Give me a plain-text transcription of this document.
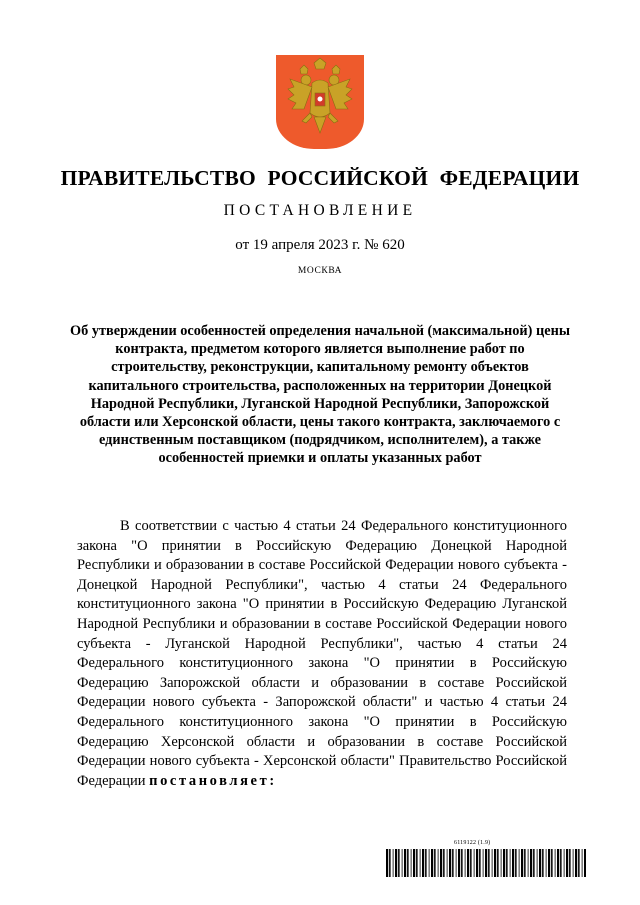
ПРАВИТЕЛЬСТВО РОССИЙСКОЙ ФЕДЕРАЦИИ
ПОСТАНОВЛЕНИЕ
от 19 апреля 2023 г. № 620
МОСКВА
Об утверждении особенностей определения начальной (максимальной) цены контракта, предметом которого является выполнение работ по строительству, реконструкции, капитальному ремонту объектов капитального строительства, расположенных на территории Донецкой Народной Республики, Луганской Народной Республики, Запорожской области или Херсонской области, цены такого контракта, заключаемого с единственным поставщиком (подрядчиком, исполнителем), а также особенностей приемки и оплаты указанных работ
В соответствии с частью 4 статьи 24 Федерального конституционного закона "О принятии в Российскую Федерацию Донецкой Народной Республики и образовании в составе Российской Федерации нового субъекта - Донецкой Народной Республики", частью 4 статьи 24 Федерального конституционного закона "О принятии в Российскую Федерацию Луганской Народной Республики и образовании в составе Российской Федерации нового субъекта - Луганской Народной Республики", частью 4 статьи 24 Федерального конституционного закона "О принятии в Российскую Федерацию Запорожской области и образовании в составе Российской Федерации нового субъекта - Запорожской области" и частью 4 статьи 24 Федерального конституционного закона "О принятии в Российскую Федерацию Херсонской области и образовании в составе Российской Федерации нового субъекта - Херсонской области" Правительство Российской Федерации постановляет:
6119122 (1.9)
